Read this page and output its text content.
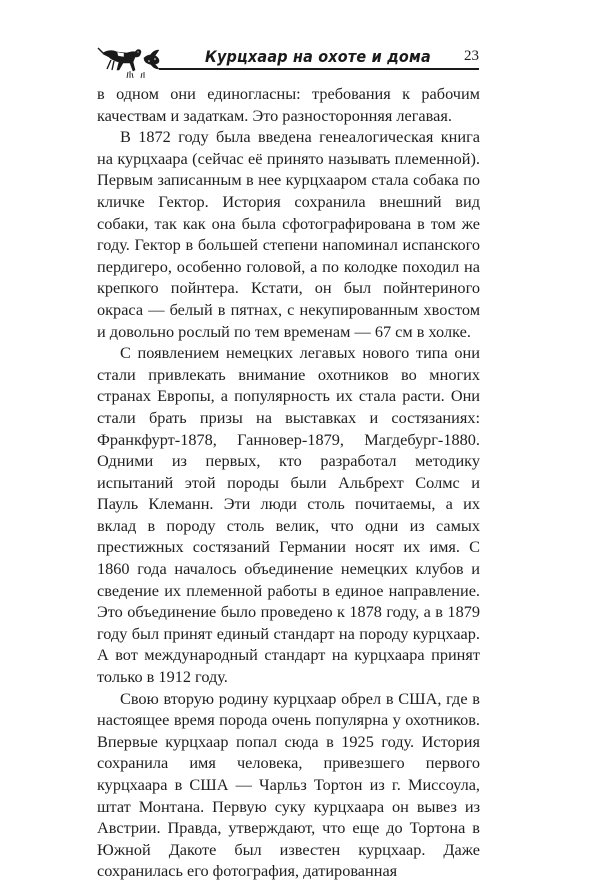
Курцхаар на охоте и дома 23

в одном они единогласны: требования к рабочим качествам и задаткам. Это разносторонняя легавая.

В 1872 году была введена генеалогическая книга на курцхаара (сейчас её принято называть племенной). Первым записанным в нее курцхааром стала собака по кличке Гектор. История сохранила внешний вид собаки, так как она была сфотографирована в том же году. Гектор в большей степени напоминал испанского пердигеро, особенно головой, а по колодке походил на крепкого пойнтера. Кстати, он был пойнтериного окраса — белый в пятнах, с некупированным хвостом и довольно рослый по тем временам — 67 см в холке.

С появлением немецких легавых нового типа они стали привлекать внимание охотников во многих странах Европы, а популярность их стала расти. Они стали брать призы на выставках и состязаниях: Франкфурт-1878, Ганновер-1879, Магдебург-1880. Одними из первых, кто разработал методику испытаний этой породы были Альбрехт Солмс и Пауль Клеманн. Эти люди столь почитаемы, а их вклад в породу столь велик, что одни из самых престижных состязаний Германии носят их имя. С 1860 года началось объединение немецких клубов и сведение их племенной работы в единое направление. Это объединение было проведено к 1878 году, а в 1879 году был принят единый стандарт на породу курцхаар. А вот международный стандарт на курцхаара принят только в 1912 году.

Свою вторую родину курцхаар обрел в США, где в настоящее время порода очень популярна у охотников. Впервые курцхаар попал сюда в 1925 году. История сохранила имя человека, привезшего первого курцхаара в США — Чарльз Тортон из г. Миссоула, штат Монтана. Первую суку курцхаара он вывез из Австрии. Правда, утверждают, что еще до Тортона в Южной Дакоте был известен курцхаар. Даже сохранилась его фотография, датированная
